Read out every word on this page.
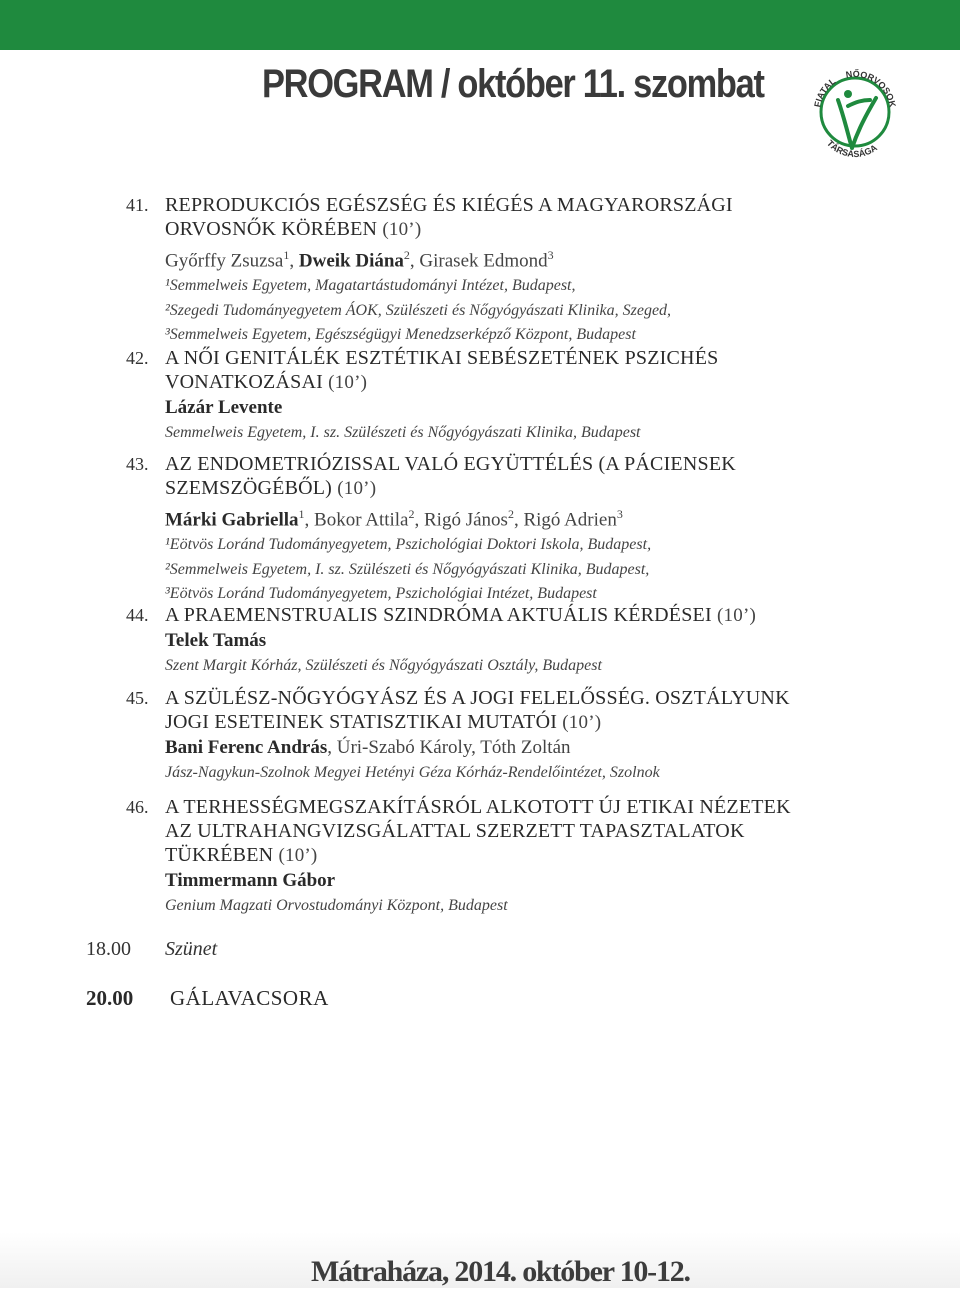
PROGRAM / október 11. szombat	FIATAL
NŐORVOSOK
TÁRSASÁGA
41. REPRODUKCIÓS EGÉSZSÉG ÉS KIÉGÉS A MAGYARORSZÁGI
ORVOSNŐK KÖRÉBEN (10’)
Győrffy Zsuzsa$^1$, Dweik Diána$^2$, Girasek Edmond$^3$
¹Semmelweis Egyetem, Magatartástudományi Intézet, Budapest,
²Szegedi Tudományegyetem ÁOK, Szülészeti és Nőgyógyászati Klinika, Szeged,
³Semmelweis Egyetem, Egészségügyi Menedzserképző Központ, Budapest
42. A NŐI GENITÁLÉK ESZTÉTIKAI SEBÉSZETÉNEK PSZICHÉS
VONATKOZÁSAI (10’)
Lázár Levente
Semmelweis Egyetem, I. sz. Szülészeti és Nőgyógyászati Klinika, Budapest
43. AZ ENDOMETRIÓZISSAL VALÓ EGYÜTTÉLÉS (A PÁCIENSEK
SZEMSZÖGÉBŐL) (10’)
Márki Gabriella$^1$, Bokor Attila$^2$, Rigó János$^2$, Rigó Adrien$^3$
¹Eötvös Loránd Tudományegyetem, Pszichológiai Doktori Iskola, Budapest,
²Semmelweis Egyetem, I. sz. Szülészeti és Nőgyógyászati Klinika, Budapest,
³Eötvös Loránd Tudományegyetem, Pszichológiai Intézet, Budapest
44. A PRAEMENSTRUALIS SZINDRÓMA AKTUÁLIS KÉRDÉSEI (10’)
Telek Tamás
Szent Margit Kórház, Szülészeti és Nőgyógyászati Osztály, Budapest
45. A SZÜLÉSZ-NŐGYÓGYÁSZ ÉS A JOGI FELELŐSSÉG. OSZTÁLYUNK
JOGI ESETEINEK STATISZTIKAI MUTATÓI (10’)
Bani Ferenc András, Úri-Szabó Károly, Tóth Zoltán
Jász-Nagykun-Szolnok Megyei Hetényi Géza Kórház-Rendelőintézet, Szolnok
46. A TERHESSÉGMEGSZAKÍTÁSRÓL ALKOTOTT ÚJ ETIKAI NÉZETEK
AZ ULTRAHANGVIZSGÁLATTAL SZERZETT TAPASZTALATOK
TÜKRÉBEN (10’)
Timmermann Gábor
Genium Magzati Orvostudományi Központ, Budapest
18.00 Szünet
20.00 GÁLAVACSORA
Mátraháza, 2014. október 10-12.
